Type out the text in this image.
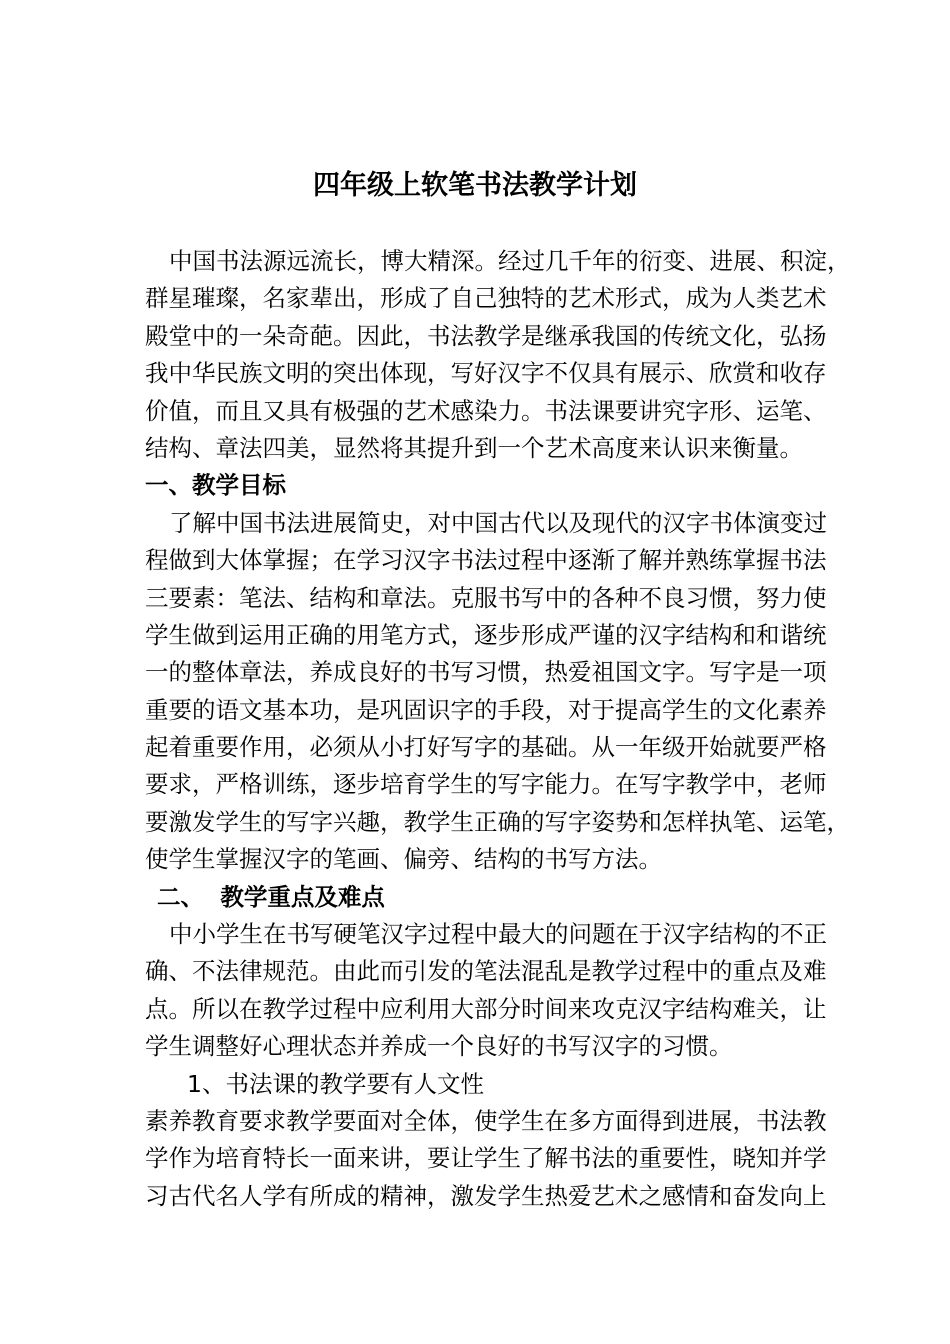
四年级上软笔书法教学计划
中国书法源远流长，博大精深。经过几千年的衍变、进展、积淀，
群星璀璨，名家辈出，形成了自己独特的艺术形式，成为人类艺术
殿堂中的一朵奇葩。因此，书法教学是继承我国的传统文化，弘扬
我中华民族文明的突出体现，写好汉字不仅具有展示、欣赏和收存
价值，而且又具有极强的艺术感染力。书法课要讲究字形、运笔、
结构、章法四美，显然将其提升到一个艺术高度来认识来衡量。
一、教学目标
了解中国书法进展简史，对中国古代以及现代的汉字书体演变过
程做到大体掌握；在学习汉字书法过程中逐渐了解并熟练掌握书法
三要素：笔法、结构和章法。克服书写中的各种不良习惯，努力使
学生做到运用正确的用笔方式，逐步形成严谨的汉字结构和和谐统
一的整体章法，养成良好的书写习惯，热爱祖国文字。写字是一项
重要的语文基本功，是巩固识字的手段，对于提高学生的文化素养
起着重要作用，必须从小打好写字的基础。从一年级开始就要严格
要求，严格训练，逐步培育学生的写字能力。在写字教学中，老师
要激发学生的写字兴趣，教学生正确的写字姿势和怎样执笔、运笔，
使学生掌握汉字的笔画、偏旁、结构的书写方法。
二、  教学重点及难点
中小学生在书写硬笔汉字过程中最大的问题在于汉字结构的不正
确、不法律规范。由此而引发的笔法混乱是教学过程中的重点及难
点。所以在教学过程中应利用大部分时间来攻克汉字结构难关，让
学生调整好心理状态并养成一个良好的书写汉字的习惯。
1、书法课的教学要有人文性
素养教育要求教学要面对全体，使学生在多方面得到进展，书法教
学作为培育特长一面来讲，要让学生了解书法的重要性，晓知并学
习古代名人学有所成的精神，激发学生热爱艺术之感情和奋发向上
